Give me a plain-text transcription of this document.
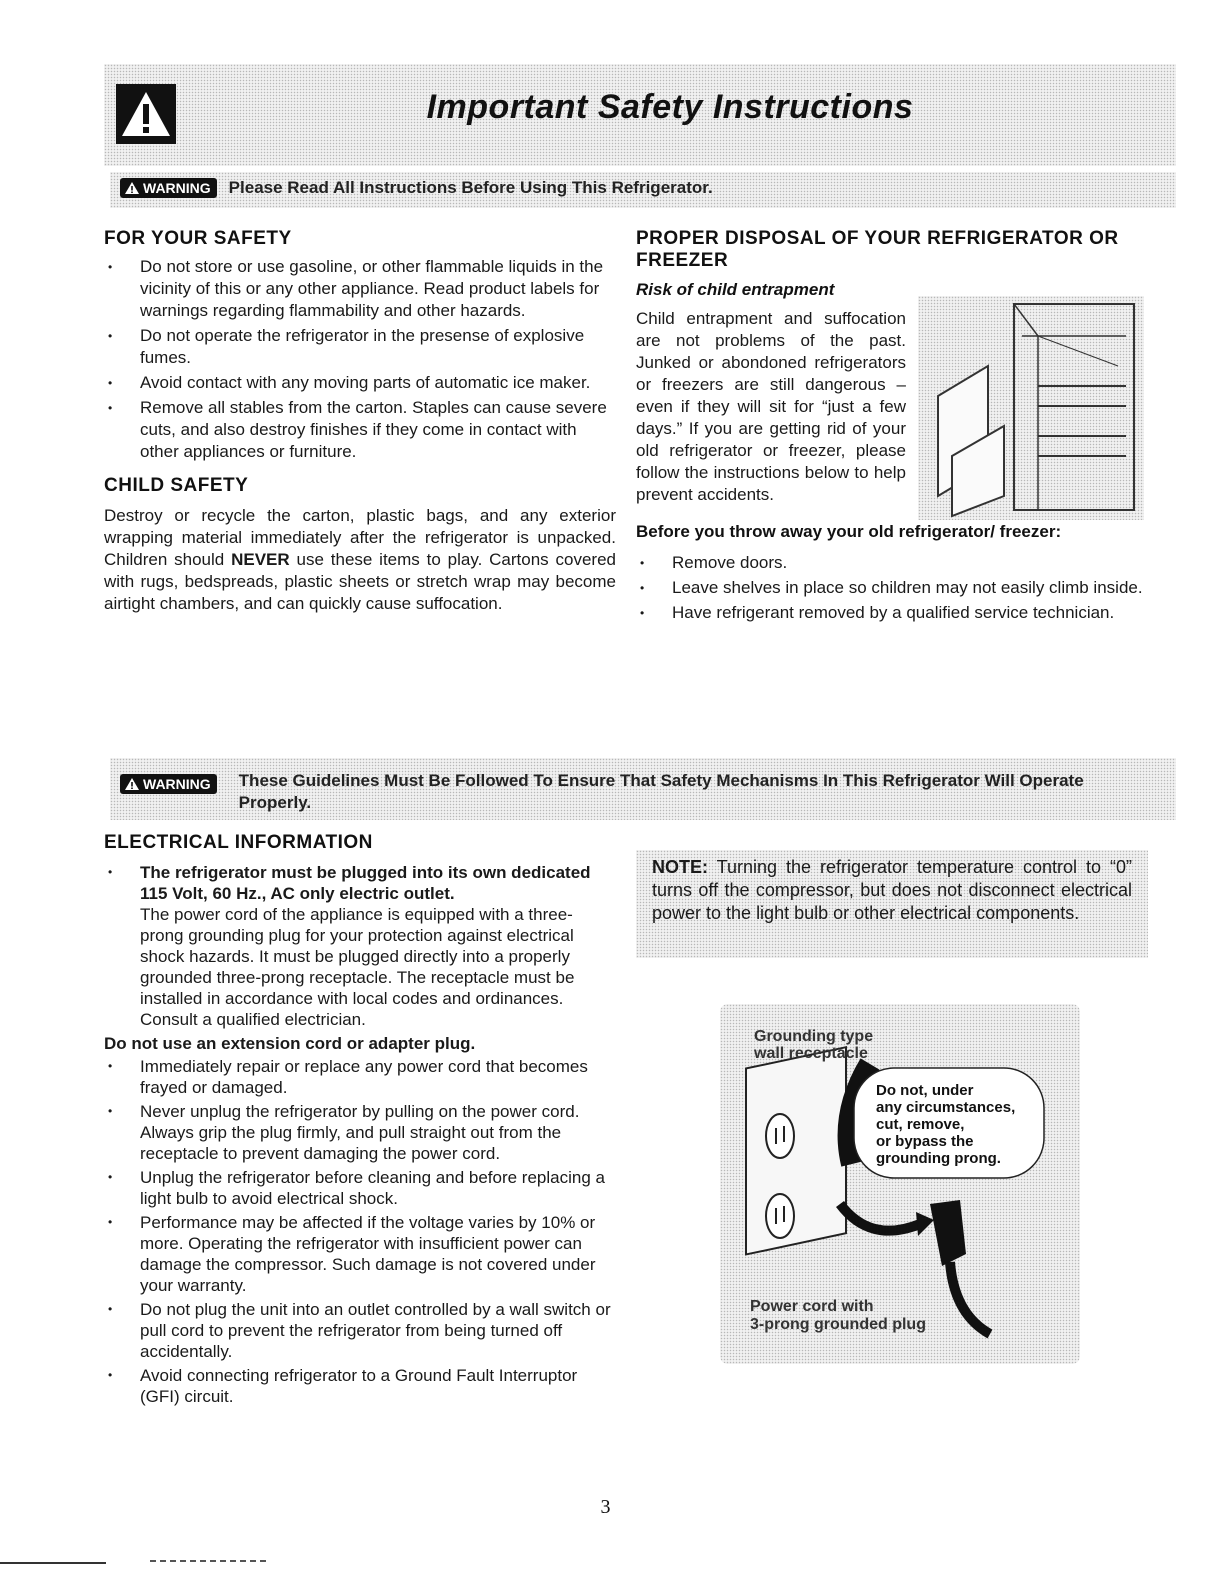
Important Safety Instructions
WARNING Please Read All Instructions Before Using This Refrigerator.
FOR YOUR SAFETY
• Do not store or use gasoline, or other flammable liquids in the vicinity of this or any other appliance. Read product labels for warnings regarding flammability and other hazards.
• Do not operate the refrigerator in the presense of explosive fumes.
• Avoid contact with any moving parts of automatic ice maker.
• Remove all stables from the carton. Staples can cause severe cuts, and also destroy finishes if they come in contact with other appliances or furniture.
CHILD SAFETY

Destroy or recycle the carton, plastic bags, and any exterior wrapping material immediately after the refrigerator is unpacked. Children should NEVER use these items to play. Cartons covered with rugs, bedspreads, plastic sheets or stretch wrap may become airtight chambers, and can quickly cause suffocation.

PROPER DISPOSAL OF YOUR REFRIGERATOR OR FREEZER
Risk of child entrapment

Child entrapment and suffocation are not problems of the past. Junked or abondoned refrigerators or freezers are still dangerous – even if they will sit for “just a few days.” If you are getting rid of your old refrigerator or freezer, please follow the instructions below to help prevent accidents.

Before you throw away your old refrigerator/ freezer:
• Remove doors.
• Leave shelves in place so children may not easily climb inside.
• Have refrigerant removed by a qualified service technician.
WARNING These Guidelines Must Be Followed To Ensure That Safety Mechanisms In This Refrigerator Will Operate Properly.
ELECTRICAL INFORMATION
• The refrigerator must be plugged into its own dedicated 115 Volt, 60 Hz., AC only electric outlet.
The power cord of the appliance is equipped with a three-prong grounding plug for your protection against electrical shock hazards. It must be plugged directly into a properly grounded three-prong receptacle. The receptacle must be installed in accordance with local codes and ordinances. Consult a qualified electrician.
Do not use an extension cord or adapter plug.
• Immediately repair or replace any power cord that becomes frayed or damaged.
• Never unplug the refrigerator by pulling on the power cord. Always grip the plug firmly, and pull straight out from the receptacle to prevent damaging the power cord.
• Unplug the refrigerator before cleaning and before replacing a light bulb to avoid electrical shock.
• Performance may be affected if the voltage varies by 10% or more. Operating the refrigerator with insufficient power can damage the compressor. Such damage is not covered under your warranty.
• Do not plug the unit into an outlet controlled by a wall switch or pull cord to prevent the refrigerator from being turned off accidentally.
• Avoid connecting refrigerator to a Ground Fault Interruptor (GFI) circuit.
NOTE: Turning the refrigerator temperature control to “0” turns off the compressor, but does not disconnect electrical power to the light bulb or other electrical components.
Grounding type
wall receptacle
Do not, under
any circumstances,
cut, remove,
or bypass the
grounding prong.
Power cord with
3-prong grounded plug
3
